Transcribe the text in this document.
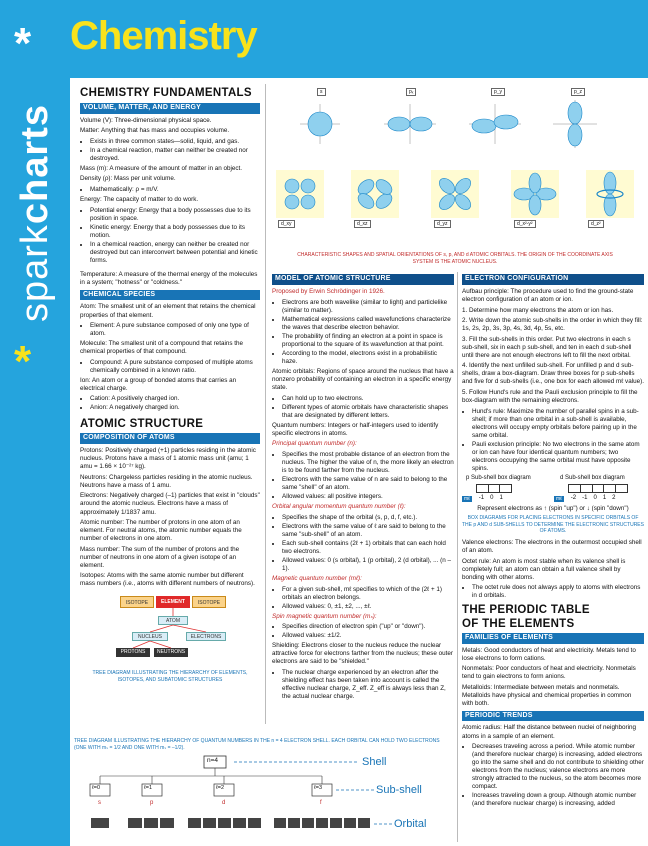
*
sparkcharts
*
Chemistry
CHEMISTRY FUNDAMENTALS
VOLUME, MATTER, AND ENERGY

Volume (V): Three-dimensional physical space.

Matter: Anything that has mass and occupies volume.

• Exists in three common states—solid, liquid, and gas.
• In a chemical reaction, matter can neither be created nor destroyed.

Mass (m): A measure of the amount of matter in an object.

Density (ρ): Mass per unit volume.

• Mathematically: ρ = m/V.

Energy: The capacity of matter to do work.

• Potential energy: Energy that a body possesses due to its position in space.
• Kinetic energy: Energy that a body possesses due to its motion.
• In a chemical reaction, energy can neither be created nor destroyed but can interconvert between potential and kinetic forms.

Temperature: A measure of the thermal energy of the molecules in a system; "hotness" or "coldness."

CHEMICAL SPECIES

Atom: The smallest unit of an element that retains the chemical properties of that element.

• Element: A pure substance composed of only one type of atom.

Molecule: The smallest unit of a compound that retains the chemical properties of that compound.

• Compound: A pure substance composed of multiple atoms chemically combined in a known ratio.

Ion: An atom or a group of bonded atoms that carries an electrical charge.

• Cation: A positively charged ion.
• Anion: A negatively charged ion.
ATOMIC STRUCTURE
COMPOSITION OF ATOMS

Protons: Positively charged (+1) particles residing in the atomic nucleus. Protons have a mass of 1 atomic mass unit (amu; 1 amu = 1.66 × 10⁻²⁷ kg).

Neutrons: Chargeless particles residing in the atomic nucleus. Neutrons have a mass of 1 amu.

Electrons: Negatively charged (–1) particles that exist in "clouds" around the atomic nucleus. Electrons have a mass of approximately 1/1837 amu.

Atomic number: The number of protons in one atom of an element. For neutral atoms, the atomic number equals the number of electrons in one atom.

Mass number: The sum of the number of protons and the number of neutrons in one atom of a given isotope of an element.

Isotopes: Atoms with the same atomic number but different mass numbers (i.e., atoms with different numbers of neutrons).

ISOTOPE	ELEMENT	ISOTOPE
ATOM
NUCLEUS	ELECTRONS
PROTONS	NEUTRONS
TREE DIAGRAM ILLUSTRATING THE HIERARCHY OF ELEMENTS, ISOTOPES, AND SUBATOMIC STRUCTURES
s	pₓ	p_y	p_z
d_xy	d_xz	d_yz	d_x²-y²	d_z²
CHARACTERISTIC SHAPES AND SPATIAL ORIENTATIONS OF s, p, AND d ATOMIC ORBITALS. THE ORIGIN OF THE COORDINATE AXIS SYSTEM IS THE ATOMIC NUCLEUS.
MODEL OF ATOMIC STRUCTURE

Proposed by Erwin Schrödinger in 1926.

• Electrons are both wavelike (similar to light) and particlelike (similar to matter).
• Mathematical expressions called wavefunctions characterize the waves that describe electron behavior.
• The probability of finding an electron at a point in space is proportional to the square of its wavefunction at that point.
• According to the model, electrons exist in a probabilistic haze.

Atomic orbitals: Regions of space around the nucleus that have a nonzero probability of containing an electron in a specific energy state.

• Can hold up to two electrons.
• Different types of atomic orbitals have characteristic shapes that are designated by different letters.

Quantum numbers: Integers or half-integers used to identify specific electrons in atoms.

Principal quantum number (n):

• Specifies the most probable distance of an electron from the nucleus. The higher the value of n, the more likely an electron is to be found farther from the nucleus.
• Electrons with the same value of n are said to belong to the same "shell" of an atom.
• Allowed values: all positive integers.

Orbital angular momentum quantum number (ℓ):

• Specifies the shape of the orbital (s, p, d, f, etc.).
• Electrons with the same value of ℓ are said to belong to the same "sub-shell" of an atom.
• Each sub-shell contains (2ℓ + 1) orbitals that can each hold two electrons.
• Allowed values: 0 (s orbital), 1 (p orbital), 2 (d orbital), ... (n – 1).

Magnetic quantum number (mℓ):

• For a given sub-shell, mℓ specifies to which of the (2ℓ + 1) orbitals an electron belongs.
• Allowed values: 0, ±1, ±2, ..., ±ℓ.

Spin magnetic quantum number (mₛ):

• Specifies direction of electron spin ("up" or "down").
• Allowed values: ±1/2.

Shielding: Electrons closer to the nucleus reduce the nuclear attractive force for electrons farther from the nucleus; these outer electrons are said to be "shielded."

• The nuclear charge experienced by an electron after the shielding effect has been taken into account is called the effective nuclear charge, Z_eff. Z_eff is always less than Z, the actual nuclear charge.
ELECTRON CONFIGURATION

Aufbau principle: The procedure used to find the ground-state electron configuration of an atom or ion.

1. Determine how many electrons the atom or ion has.

2. Write down the atomic sub-shells in the order in which they fill: 1s, 2s, 2p, 3s, 3p, 4s, 3d, 4p, 5s, etc.

3. Fill the sub-shells in this order. Put two electrons in each s sub-shell, six in each p sub-shell, and ten in each d sub-shell until there are not enough electrons left to fill the next orbital.

4. Identify the next unfilled sub-shell. For unfilled p and d sub-shells, draw a box-diagram. Draw three boxes for p sub-shells and five for d sub-shells (i.e., one box for each allowed mℓ value).

5. Follow Hund's rule and the Pauli exclusion principle to fill the box-diagram with the remaining electrons.

• Hund's rule: Maximize the number of parallel spins in a sub-shell; if more than one orbital in a sub-shell is available, electrons will occupy empty orbitals before pairing up in the same orbital.
• Pauli exclusion principle: No two electrons in the same atom or ion can have four identical quantum numbers; two electrons occupying the same orbital must have opposite spins.
p Sub-shell box diagram	d Sub-shell box diagram
mℓ	-1 0 1	mℓ	-2 -1 0 1 2

Represent electrons as ↑ (spin "up") or ↓ (spin "down")

BOX DIAGRAMS FOR PLACING ELECTRONS IN SPECIFIC ORBITALS OF THE p AND d SUB-SHELLS TO DETERMINE THE ELECTRONIC STRUCTURES OF ATOMS.

Valence electrons: The electrons in the outermost occupied shell of an atom.

Octet rule: An atom is most stable when its valence shell is completely full; an atom can obtain a full valence shell by bonding with other atoms.

• The octet rule does not always apply to atoms with electrons in d orbitals.
THE PERIODIC TABLE
OF THE ELEMENTS
FAMILIES OF ELEMENTS

Metals: Good conductors of heat and electricity. Metals tend to lose electrons to form cations.

Nonmetals: Poor conductors of heat and electricity. Nonmetals tend to gain electrons to form anions.

Metalloids: Intermediate between metals and nonmetals. Metalloids have physical and chemical properties in common with both.

PERIODIC TRENDS

Atomic radius: Half the distance between nuclei of neighboring atoms in a sample of an element.

• Decreases traveling across a period. While atomic number (and therefore nuclear charge) is increasing, added electrons go into the same shell and do not contribute to shielding other electrons from the nucleus; valence electrons are more strongly attracted to the nucleus, so the atom becomes more compact.
• Increases traveling down a group. Although atomic number (and therefore nuclear charge) is increasing, added
TREE DIAGRAM ILLUSTRATING THE HIERARCHY OF QUANTUM NUMBERS IN THE n = 4 ELECTRON SHELL. EACH ORBITAL CAN HOLD TWO ELECTRONS (ONE WITH mₛ = 1/2 AND ONE WITH mₛ = –1/2).
n=4
ℓ=0	ℓ=1	ℓ=2	ℓ=3
s	p	d	f
Shell
Sub-shell
Orbital
